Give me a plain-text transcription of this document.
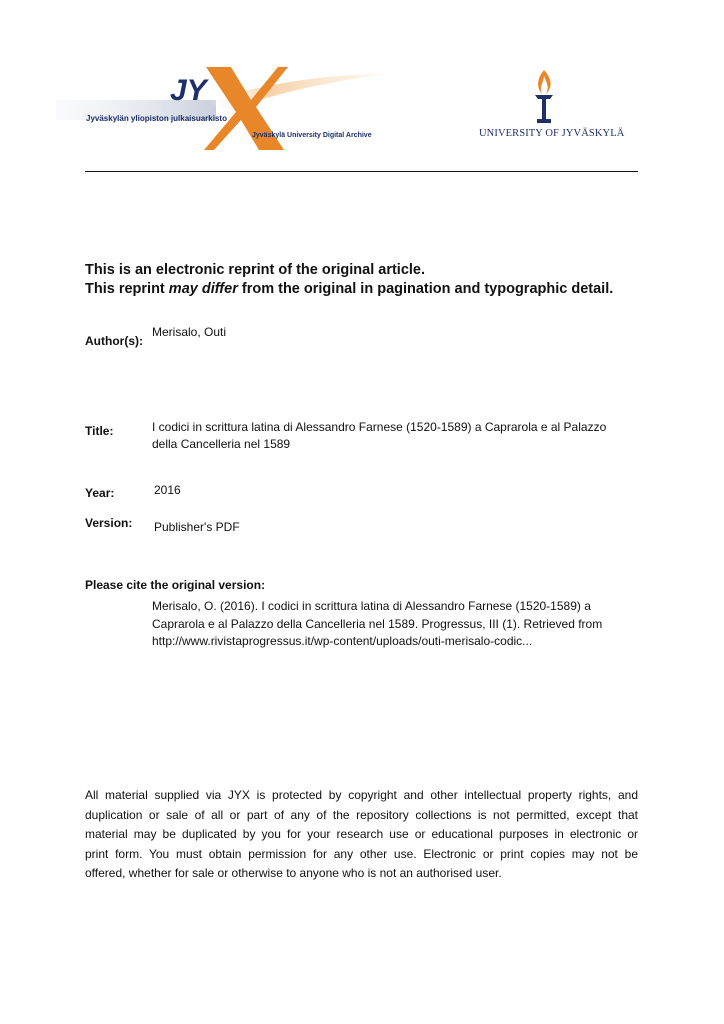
JY
Jyväskylän yliopiston julkaisuarkisto
Jyväskylä University Digital Archive	UNIVERSITY OF JYVÄSKYLÄ
This is an electronic reprint of the original article.
This reprint may differ from the original in pagination and typographic detail.
Author(s):
Merisalo, Outi
Title:	I codici in scrittura latina di Alessandro Farnese (1520-1589) a Caprarola e al Palazzo
della Cancelleria nel 1589
Year:	2016
Version: Publisher's PDF
Please cite the original version:
Merisalo, O. (2016). I codici in scrittura latina di Alessandro Farnese (1520-1589) a
Caprarola e al Palazzo della Cancelleria nel 1589. Progressus, III (1). Retrieved from
http://www.rivistaprogressus.it/wp-content/uploads/outi-merisalo-codic...
All material supplied via JYX is protected by copyright and other intellectual property rights, and
duplication or sale of all or part of any of the repository collections is not permitted, except that
material may be duplicated by you for your research use or educational purposes in electronic or
print form. You must obtain permission for any other use. Electronic or print copies may not be
offered, whether for sale or otherwise to anyone who is not an authorised user.
